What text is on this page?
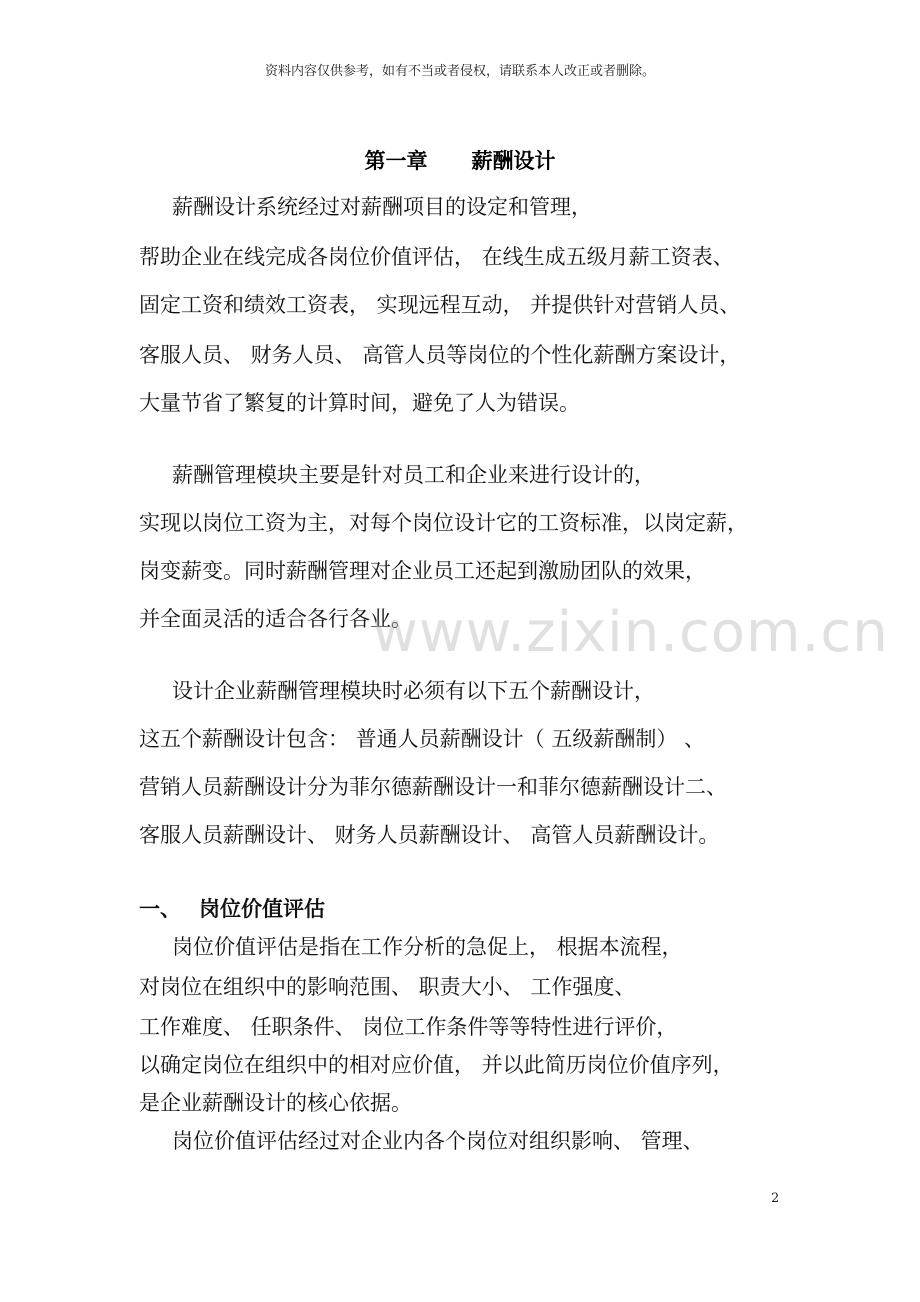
资料内容仅供参考，如有不当或者侵权，请联系本人改正或者删除。
第一章 薪酬设计
薪酬设计系统经过对薪酬项目的设定和管理，
帮助企业在线完成各岗位价值评估， 在线生成五级月薪工资表、
固定工资和绩效工资表， 实现远程互动， 并提供针对营销人员、
客服人员、 财务人员、 高管人员等岗位的个性化薪酬方案设计，
大量节省了繁复的计算时间，避免了人为错误。
薪酬管理模块主要是针对员工和企业来进行设计的，
实现以岗位工资为主，对每个岗位设计它的工资标准，以岗定薪，
岗变薪变。同时薪酬管理对企业员工还起到激励团队的效果，
并全面灵活的适合各行各业。
设计企业薪酬管理模块时必须有以下五个薪酬设计，
这五个薪酬设计包含： 普通人员薪酬设计（ 五级薪酬制） 、
营销人员薪酬设计分为菲尔德薪酬设计一和菲尔德薪酬设计二、
客服人员薪酬设计、 财务人员薪酬设计、 高管人员薪酬设计。
一、 岗位价值评估
岗位价值评估是指在工作分析的急促上， 根据本流程，
对岗位在组织中的影响范围、 职责大小、 工作强度、
工作难度、 任职条件、 岗位工作条件等等特性进行评价，
以确定岗位在组织中的相对应价值， 并以此简历岗位价值序列，
是企业薪酬设计的核心依据。
岗位价值评估经过对企业内各个岗位对组织影响、 管理、
www.zixin.com.cn
2
